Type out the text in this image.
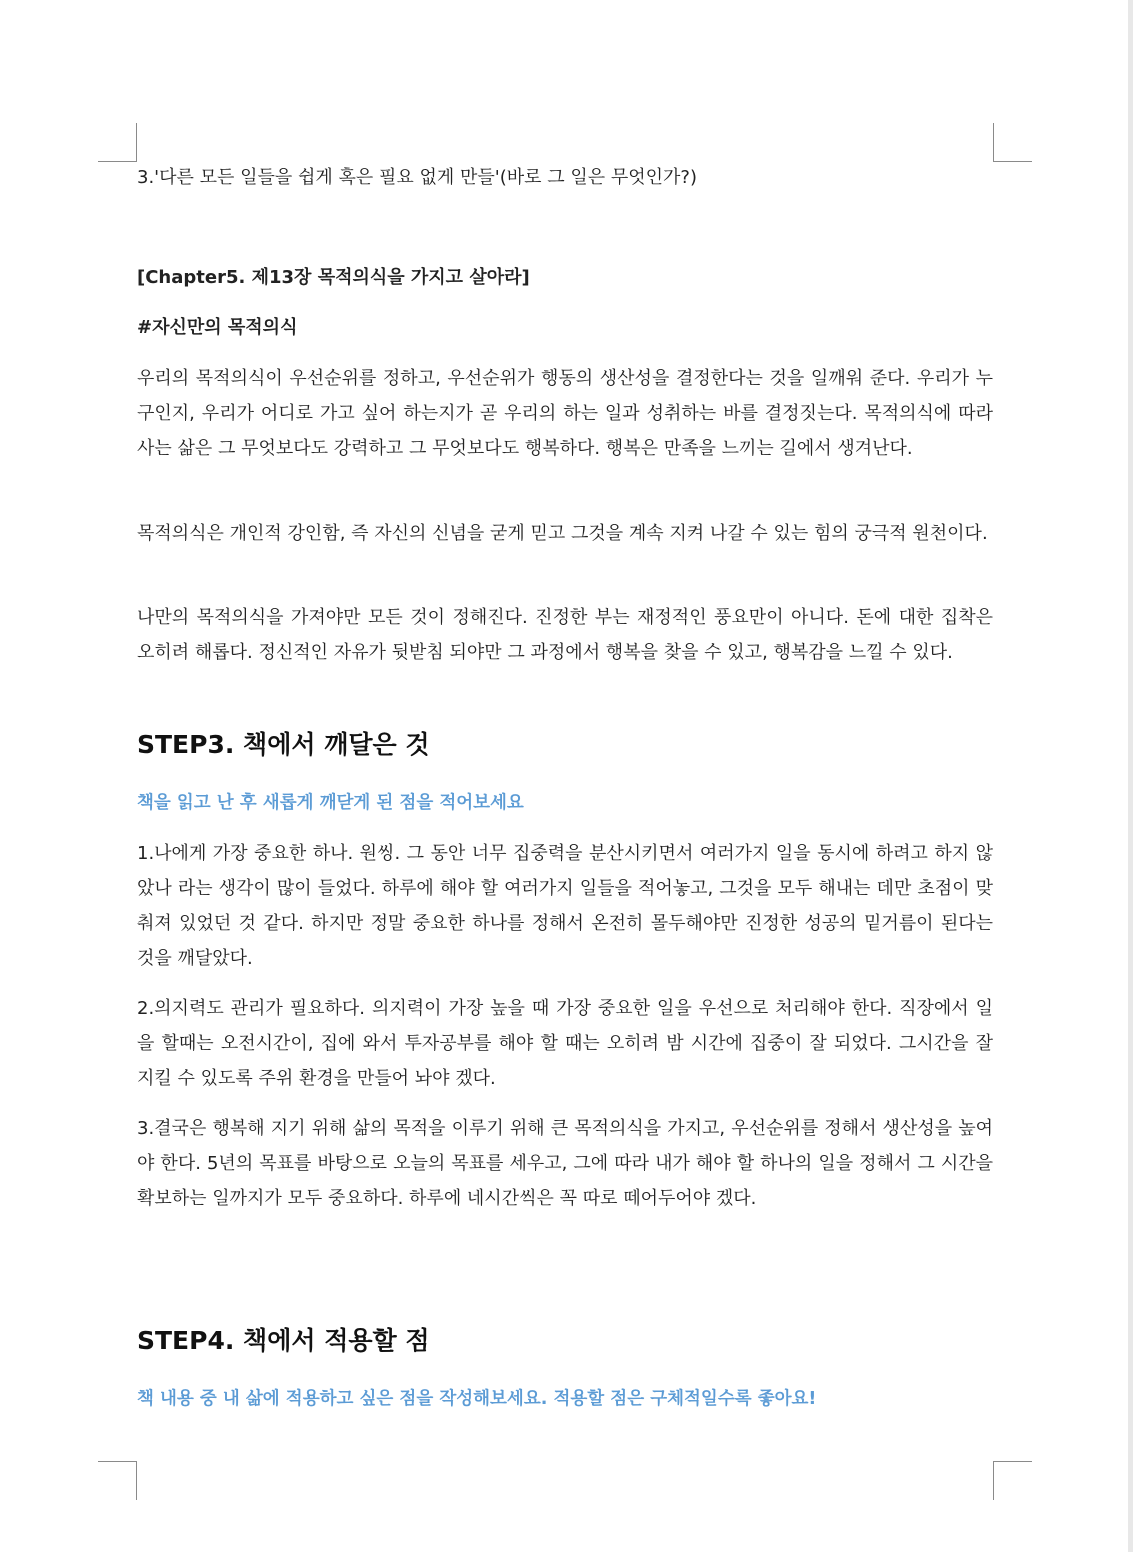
3.'다른 모든 일들을 쉽게 혹은 필요 없게 만들'(바로 그 일은 무엇인가?)

[Chapter5. 제13장 목적의식을 가지고 살아라]

#자신만의 목적의식

우리의 목적의식이 우선순위를 정하고, 우선순위가 행동의 생산성을 결정한다는 것을 일깨워 준다. 우리가 누구인지, 우리가 어디로 가고 싶어 하는지가 곧 우리의 하는 일과 성취하는 바를 결정짓는다. 목적의식에 따라 사는 삶은 그 무엇보다도 강력하고 그 무엇보다도 행복하다. 행복은 만족을 느끼는 길에서 생겨난다.

목적의식은 개인적 강인함, 즉 자신의 신념을 굳게 믿고 그것을 계속 지켜 나갈 수 있는 힘의 궁극적 원천이다.

나만의 목적의식을 가져야만 모든 것이 정해진다. 진정한 부는 재정적인 풍요만이 아니다. 돈에 대한 집착은 오히려 해롭다. 정신적인 자유가 뒷받침 되야만 그 과정에서 행복을 찾을 수 있고, 행복감을 느낄 수 있다.

STEP3. 책에서 깨달은 것

책을 읽고 난 후 새롭게 깨닫게 된 점을 적어보세요

1.나에게 가장 중요한 하나. 원씽. 그 동안 너무 집중력을 분산시키면서 여러가지 일을 동시에 하려고 하지 않았나 라는 생각이 많이 들었다. 하루에 해야 할 여러가지 일들을 적어놓고, 그것을 모두 해내는 데만 초점이 맞춰져 있었던 것 같다. 하지만 정말 중요한 하나를 정해서 온전히 몰두해야만 진정한 성공의 밑거름이 된다는 것을 깨달았다.

2.의지력도 관리가 필요하다. 의지력이 가장 높을 때 가장 중요한 일을 우선으로 처리해야 한다. 직장에서 일을 할때는 오전시간이, 집에 와서 투자공부를 해야 할 때는 오히려 밤 시간에 집중이 잘 되었다. 그시간을 잘 지킬 수 있도록 주위 환경을 만들어 놔야 겠다.

3.결국은 행복해 지기 위해 삶의 목적을 이루기 위해 큰 목적의식을 가지고, 우선순위를 정해서 생산성을 높여야 한다. 5년의 목표를 바탕으로 오늘의 목표를 세우고, 그에 따라 내가 해야 할 하나의 일을 정해서 그 시간을 확보하는 일까지가 모두 중요하다. 하루에 네시간씩은 꼭 따로 떼어두어야 겠다.

STEP4. 책에서 적용할 점

책 내용 중 내 삶에 적용하고 싶은 점을 작성해보세요. 적용할 점은 구체적일수록 좋아요!
